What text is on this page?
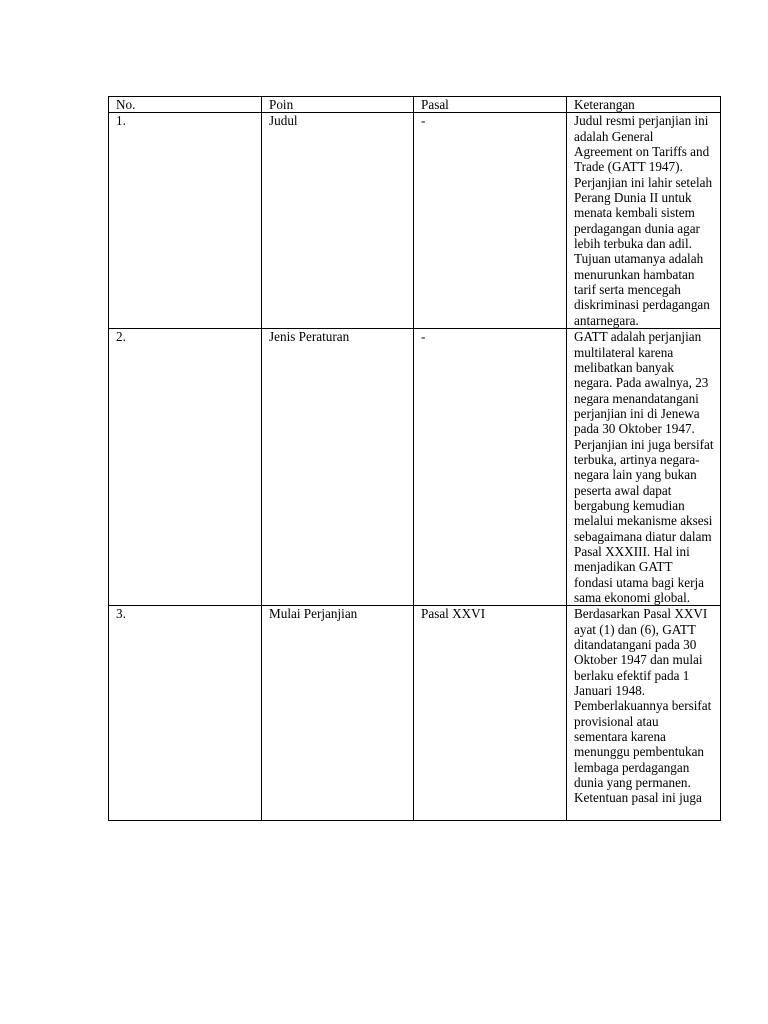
No.	Poin	Pasal	Keterangan
1.	Judul	-	Judul resmi perjanjian ini adalah General Agreement on Tariffs and Trade (GATT 1947). Perjanjian ini lahir setelah Perang Dunia II untuk menata kembali sistem perdagangan dunia agar lebih terbuka dan adil. Tujuan utamanya adalah menurunkan hambatan tarif serta mencegah diskriminasi perdagangan antarnegara.
2.	Jenis Peraturan	-	GATT adalah perjanjian multilateral karena melibatkan banyak negara. Pada awalnya, 23 negara menandatangani perjanjian ini di Jenewa pada 30 Oktober 1947. Perjanjian ini juga bersifat terbuka, artinya negara-negara lain yang bukan peserta awal dapat bergabung kemudian melalui mekanisme aksesi sebagaimana diatur dalam Pasal XXXIII. Hal ini menjadikan GATT fondasi utama bagi kerja sama ekonomi global.
3.	Mulai Perjanjian	Pasal XXVI	Berdasarkan Pasal XXVI ayat (1) dan (6), GATT ditandatangani pada 30 Oktober 1947 dan mulai berlaku efektif pada 1 Januari 1948. Pemberlakuannya bersifat provisional atau sementara karena menunggu pembentukan lembaga perdagangan dunia yang permanen. Ketentuan pasal ini juga
